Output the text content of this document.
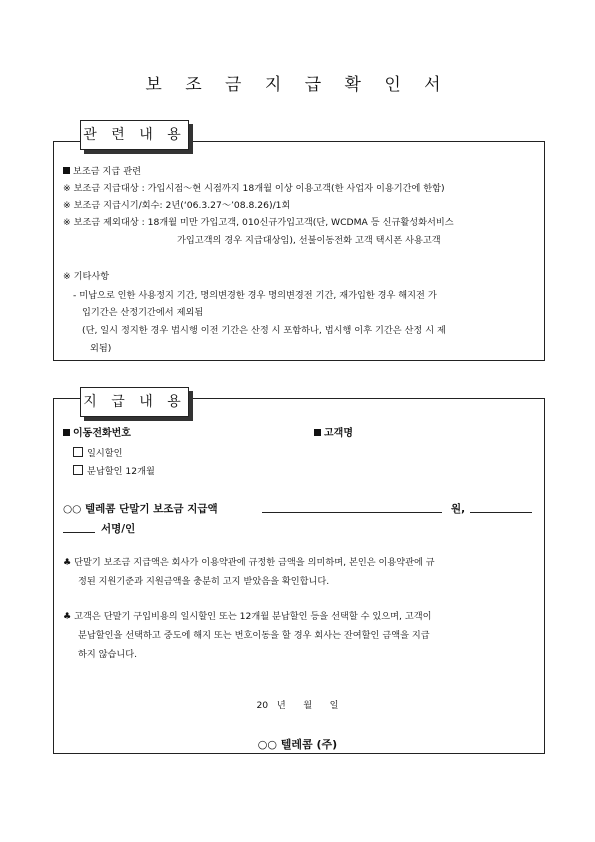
보 조 금 지 급 확 인 서
관 련 내 용
보조금 지급 관련
※ 보조금 지급대상 : 가입시점～현 시점까지 18개월 이상 이용고객(한 사업자 이용기간에 한함)
※ 보조금 지급시기/회수: 2년(‘06.3.27～’08.8.26)/1회
※ 보조금 제외대상 : 18개월 미만 가입고객, 010신규가입고객(단, WCDMA 등 신규활성화서비스
가입고객의 경우 지급대상임), 선불이동전화 고객 택시폰 사용고객
※ 기타사항
- 미납으로 인한 사용정지 기간, 명의변경한 경우 명의변경전 기간, 재가입한 경우 해지전 가
입기간은 산정기간에서 제외됨
(단, 일시 정지한 경우 법시행 이전 기간은 산정 시 포함하나, 법시행 이후 기간은 산정 시 제
외됨)
지 급 내 용
이동전화번호	고객명
일시할인
분납할인 12개월
○○ 텔레콤 단말기 보조금 지급액	원,
서명/인
♣ 단말기 보조금 지급액은 회사가 이용약관에 규정한 금액을 의미하며, 본인은 이용약관에 규
정된 지원기준과 지원금액을 충분히 고지 받았음을 확인합니다.
♣ 고객은 단말기 구입비용의 일시할인 또는 12개월 분납할인 등을 선택할 수 있으며, 고객이
분납할인을 선택하고 중도에 해지 또는 번호이동을 할 경우 회사는 잔여할인 금액을 지급
하지 않습니다.
20   년      월      일
○○ 텔레콤 (주)
